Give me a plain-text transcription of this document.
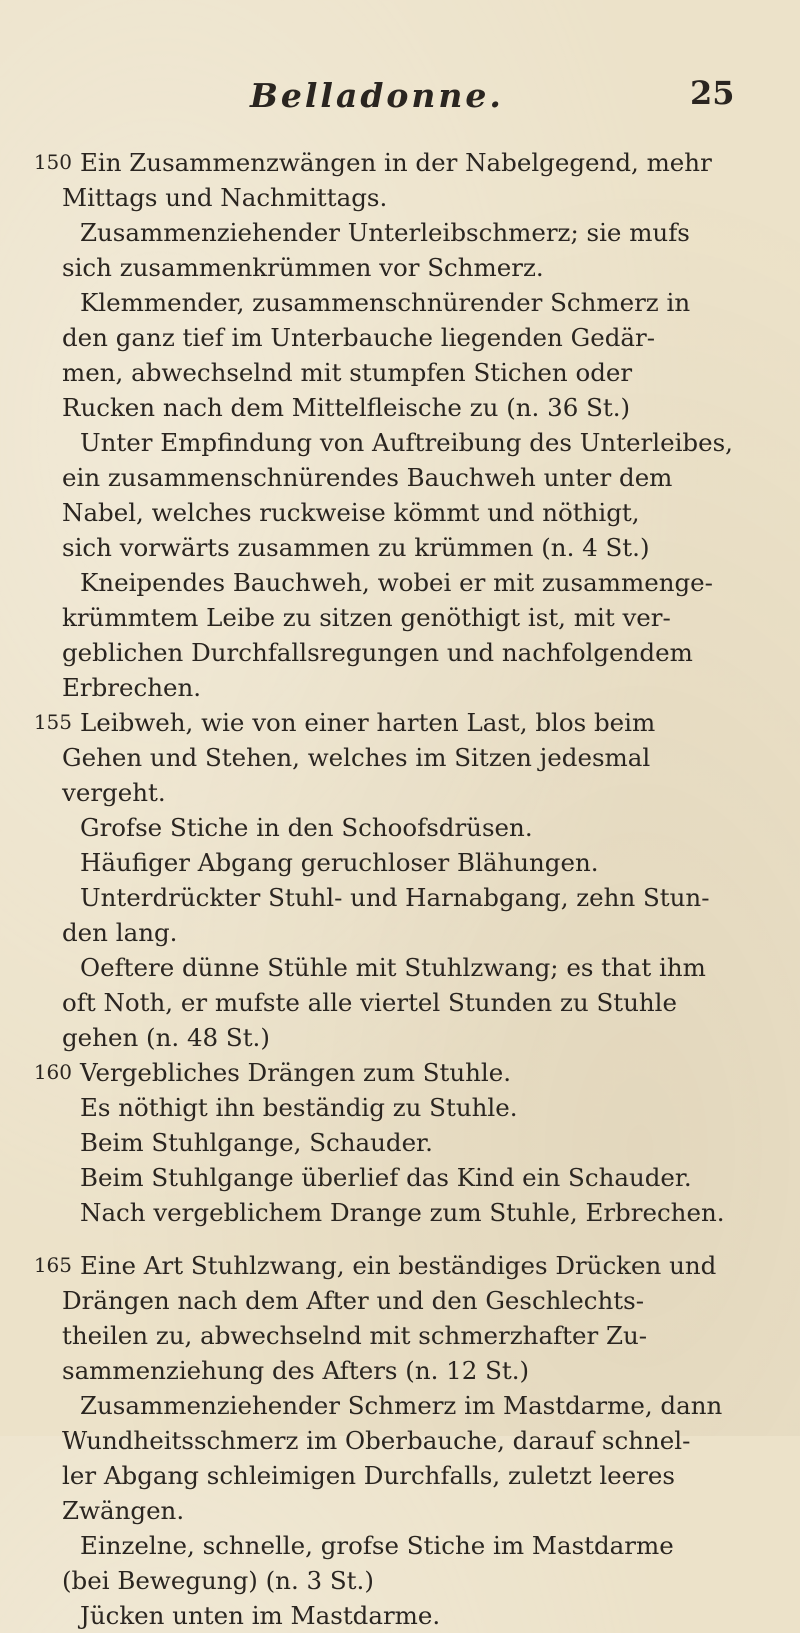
Belladonne.	25
150 Ein Zusammenzwängen in der Nabelgegend, mehr
Mittags und Nachmittags.
Zusammenziehender Unterleibschmerz; sie mufs
sich zusammenkrümmen vor Schmerz.
Klemmender, zusammenschnürender Schmerz in
den ganz tief im Unterbauche liegenden Gedär-
men, abwechselnd mit stumpfen Stichen oder
Rucken nach dem Mittelfleische zu (n. 36 St.)
Unter Empfindung von Auftreibung des Unterleibes,
ein zusammenschnürendes Bauchweh unter dem
Nabel, welches ruckweise kömmt und nöthigt,
sich vorwärts zusammen zu krümmen (n. 4 St.)
Kneipendes Bauchweh, wobei er mit zusammenge-
krümmtem Leibe zu sitzen genöthigt ist, mit ver-
geblichen Durchfallsregungen und nachfolgendem
Erbrechen.
155 Leibweh, wie von einer harten Last, blos beim
Gehen und Stehen, welches im Sitzen jedesmal
vergeht.
Grofse Stiche in den Schoofsdrüsen.
Häufiger Abgang geruchloser Blähungen.
Unterdrückter Stuhl- und Harnabgang, zehn Stun-
den lang.
Oeftere dünne Stühle mit Stuhlzwang; es that ihm
oft Noth, er mufste alle viertel Stunden zu Stuhle
gehen (n. 48 St.)
160 Vergebliches Drängen zum Stuhle.
Es nöthigt ihn beständig zu Stuhle.
Beim Stuhlgange, Schauder.
Beim Stuhlgange überlief das Kind ein Schauder.
Nach vergeblichem Drange zum Stuhle, Erbrechen.
165 Eine Art Stuhlzwang, ein beständiges Drücken und
Drängen nach dem After und den Geschlechts-
theilen zu, abwechselnd mit schmerzhafter Zu-
sammenziehung des Afters (n. 12 St.)
Zusammenziehender Schmerz im Mastdarme, dann
Wundheitsschmerz im Oberbauche, darauf schnel-
ler Abgang schleimigen Durchfalls, zuletzt leeres
Zwängen.
Einzelne, schnelle, grofse Stiche im Mastdarme
(bei Bewegung) (n. 3 St.)
Jücken unten im Mastdarme.
